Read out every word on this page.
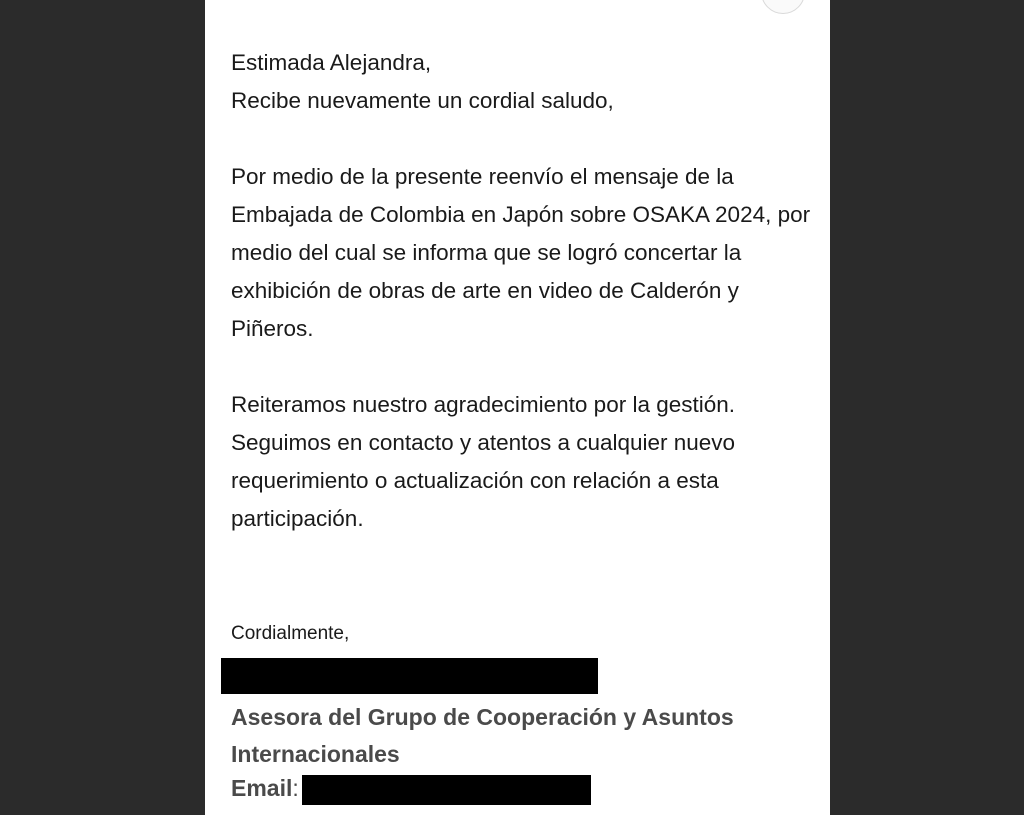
Estimada Alejandra,

Recibe nuevamente un cordial saludo,

Por medio de la presente reenvío el mensaje de la Embajada de Colombia en Japón sobre OSAKA 2024, por medio del cual se informa que se logró concertar la exhibición de obras de arte en video de Calderón y Piñeros.

Reiteramos nuestro agradecimiento por la gestión. Seguimos en contacto y atentos a cualquier nuevo requerimiento o actualización con relación a esta participación.

Cordialmente,
Asesora del Grupo de Cooperación y Asuntos Internacionales
Email:
